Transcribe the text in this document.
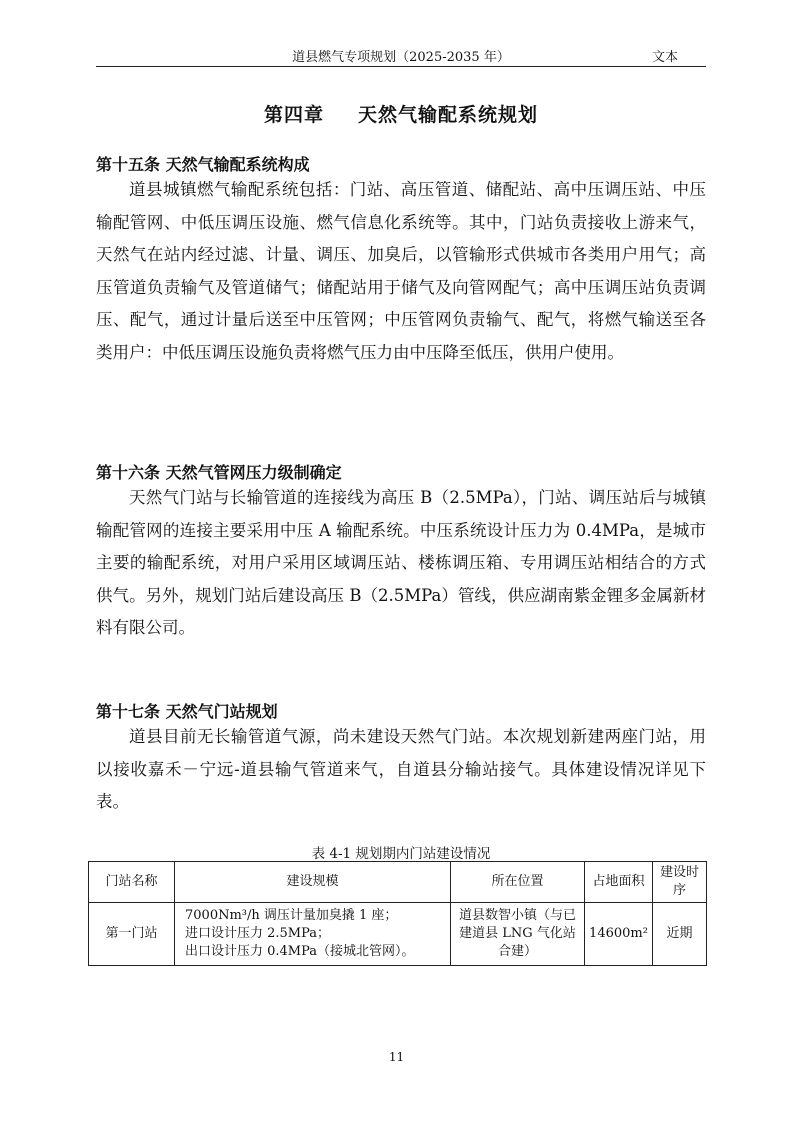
道县燃气专项规划（2025-2035 年）	文本
第四章 天然气输配系统规划
第十五条 天然气输配系统构成

道县城镇燃气输配系统包括：门站、高压管道、储配站、高中压调压站、中压输配管网、中低压调压设施、燃气信息化系统等。其中，门站负责接收上游来气，天然气在站内经过滤、计量、调压、加臭后，以管输形式供城市各类用户用气；高压管道负责输气及管道储气；储配站用于储气及向管网配气；高中压调压站负责调压、配气，通过计量后送至中压管网；中压管网负责输气、配气，将燃气输送至各类用户：中低压调压设施负责将燃气压力由中压降至低压，供用户使用。

第十六条 天然气管网压力级制确定

天然气门站与长输管道的连接线为高压 B（2.5MPa），门站、调压站后与城镇输配管网的连接主要采用中压 A 输配系统。中压系统设计压力为 0.4MPa，是城市主要的输配系统，对用户采用区域调压站、楼栋调压箱、专用调压站相结合的方式供气。另外，规划门站后建设高压 B（2.5MPa）管线，供应湖南紫金锂多金属新材料有限公司。

第十七条 天然气门站规划

道县目前无长输管道气源，尚未建设天然气门站。本次规划新建两座门站，用以接收嘉禾－宁远-道县输气管道来气，自道县分输站接气。具体建设情况详见下表。

表 4-1 规划期内门站建设情况
门站名称	建设规模	所在位置	占地面积	建设时序
第一门站	7000Nm³/h 调压计量加臭撬 1 座；
进口设计压力 2.5MPa；
出口设计压力 0.4MPa（接城北管网）。	道县数智小镇（与已建道县 LNG 气化站合建）	14600m²	近期
11
